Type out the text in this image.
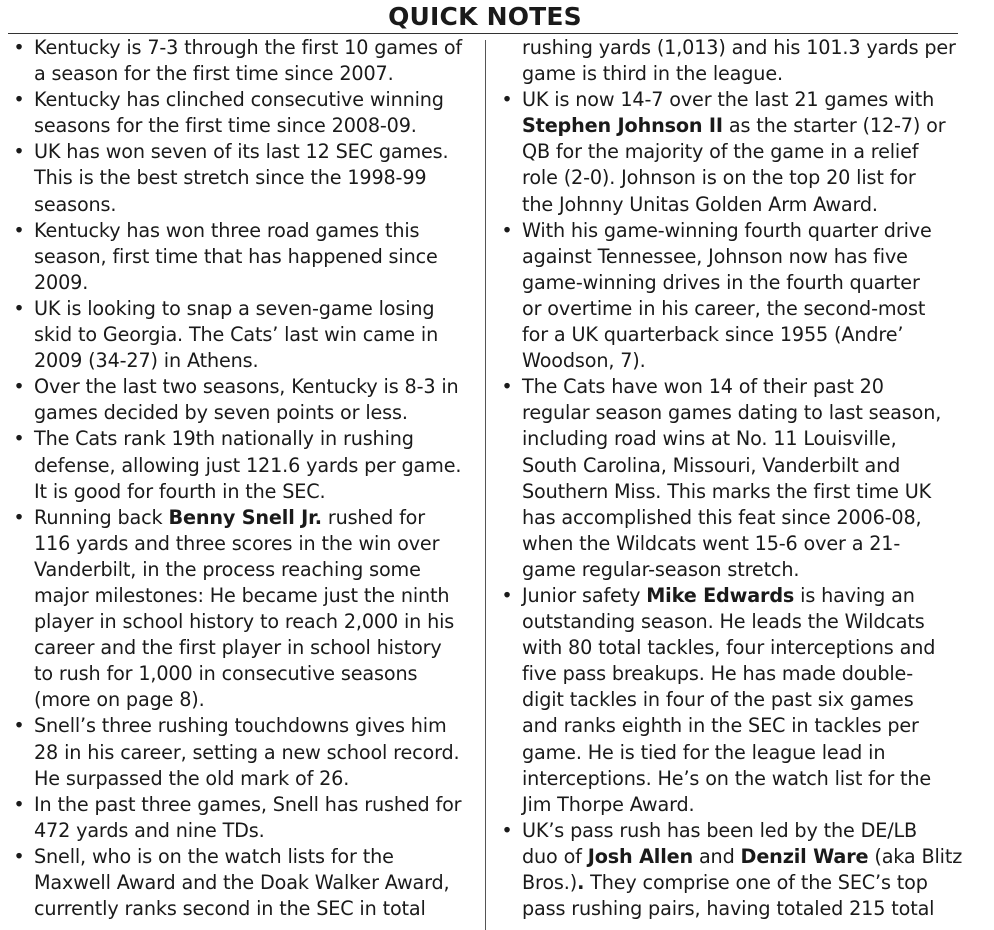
QUICK NOTES
• Kentucky is 7-3 through the first 10 games of
a season for the first time since 2007.
• Kentucky has clinched consecutive winning
seasons for the first time since 2008-09.
• UK has won seven of its last 12 SEC games.
This is the best stretch since the 1998-99
seasons.
• Kentucky has won three road games this
season, first time that has happened since
2009.
• UK is looking to snap a seven-game losing
skid to Georgia. The Cats’ last win came in
2009 (34-27) in Athens.
• Over the last two seasons, Kentucky is 8-3 in
games decided by seven points or less.
• The Cats rank 19th nationally in rushing
defense, allowing just 121.6 yards per game.
It is good for fourth in the SEC.
• Running back Benny Snell Jr. rushed for
116 yards and three scores in the win over
Vanderbilt, in the process reaching some
major milestones: He became just the ninth
player in school history to reach 2,000 in his
career and the first player in school history
to rush for 1,000 in consecutive seasons
(more on page 8).
• Snell’s three rushing touchdowns gives him
28 in his career, setting a new school record.
He surpassed the old mark of 26.
• In the past three games, Snell has rushed for
472 yards and nine TDs.
• Snell, who is on the watch lists for the
Maxwell Award and the Doak Walker Award,
currently ranks second in the SEC in total
rushing yards (1,013) and his 101.3 yards per
game is third in the league.
• UK is now 14-7 over the last 21 games with
Stephen Johnson II as the starter (12-7) or
QB for the majority of the game in a relief
role (2-0). Johnson is on the top 20 list for
the Johnny Unitas Golden Arm Award.
• With his game-winning fourth quarter drive
against Tennessee, Johnson now has five
game-winning drives in the fourth quarter
or overtime in his career, the second-most
for a UK quarterback since 1955 (Andre’
Woodson, 7).
• The Cats have won 14 of their past 20
regular season games dating to last season,
including road wins at No. 11 Louisville,
South Carolina, Missouri, Vanderbilt and
Southern Miss. This marks the first time UK
has accomplished this feat since 2006-08,
when the Wildcats went 15-6 over a 21-
game regular-season stretch.
• Junior safety Mike Edwards is having an
outstanding season. He leads the Wildcats
with 80 total tackles, four interceptions and
five pass breakups. He has made double-
digit tackles in four of the past six games
and ranks eighth in the SEC in tackles per
game. He is tied for the league lead in
interceptions. He’s on the watch list for the
Jim Thorpe Award.
• UK’s pass rush has been led by the DE/LB
duo of Josh Allen and Denzil Ware (aka Blitz
Bros.). They comprise one of the SEC’s top
pass rushing pairs, having totaled 215 total
